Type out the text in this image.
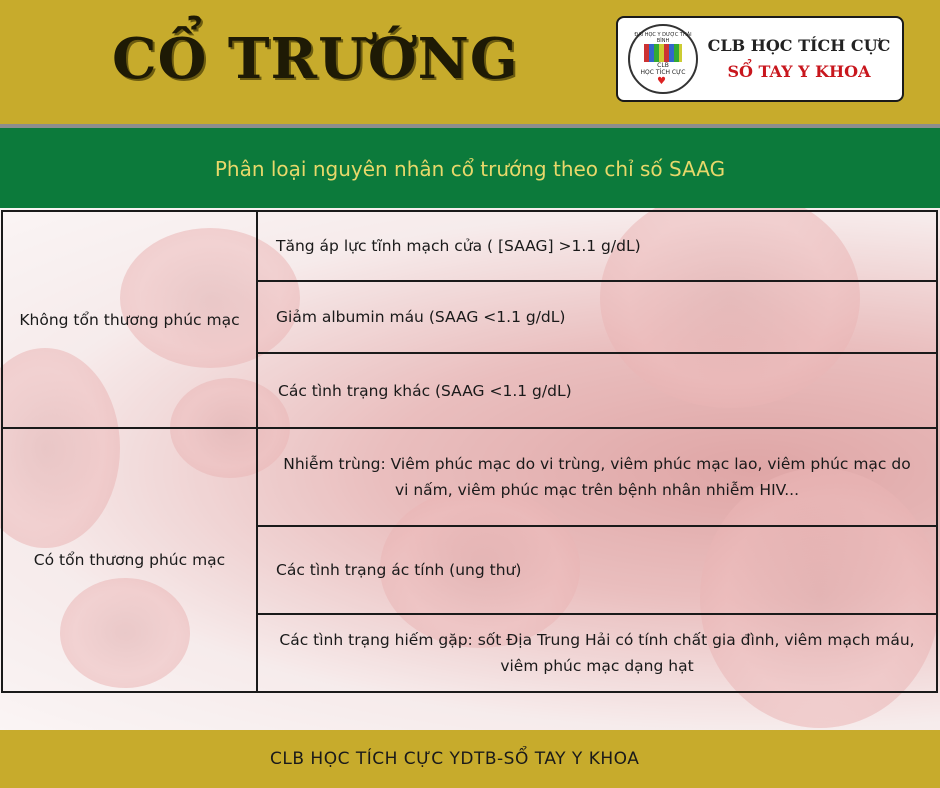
CỔ TRƯỚNG	ĐẠI HỌC Y DƯỢC THÁI BÌNH
CLB
HỌC TÍCH CỰC
♥
CLB HỌC TÍCH CỰC
SỔ TAY Y KHOA
Phân loại nguyên nhân cổ trướng theo chỉ số SAAG
Không tổn thương phúc mạc	Tăng áp lực tĩnh mạch cửa ( [SAAG] >1.1 g/dL)
	Giảm albumin máu (SAAG <1.1 g/dL)
	Các tình trạng khác (SAAG <1.1 g/dL)
Có tổn thương phúc mạc	Nhiễm trùng: Viêm phúc mạc do vi trùng, viêm phúc mạc lao, viêm phúc mạc do vi nấm, viêm phúc mạc trên bệnh nhân nhiễm HIV...
	Các tình trạng ác tính (ung thư)
	Các tình trạng hiếm gặp: sốt Địa Trung Hải có tính chất gia đình, viêm mạch máu, viêm phúc mạc dạng hạt
CLB HỌC TÍCH CỰC YDTB-SỔ TAY Y KHOA
